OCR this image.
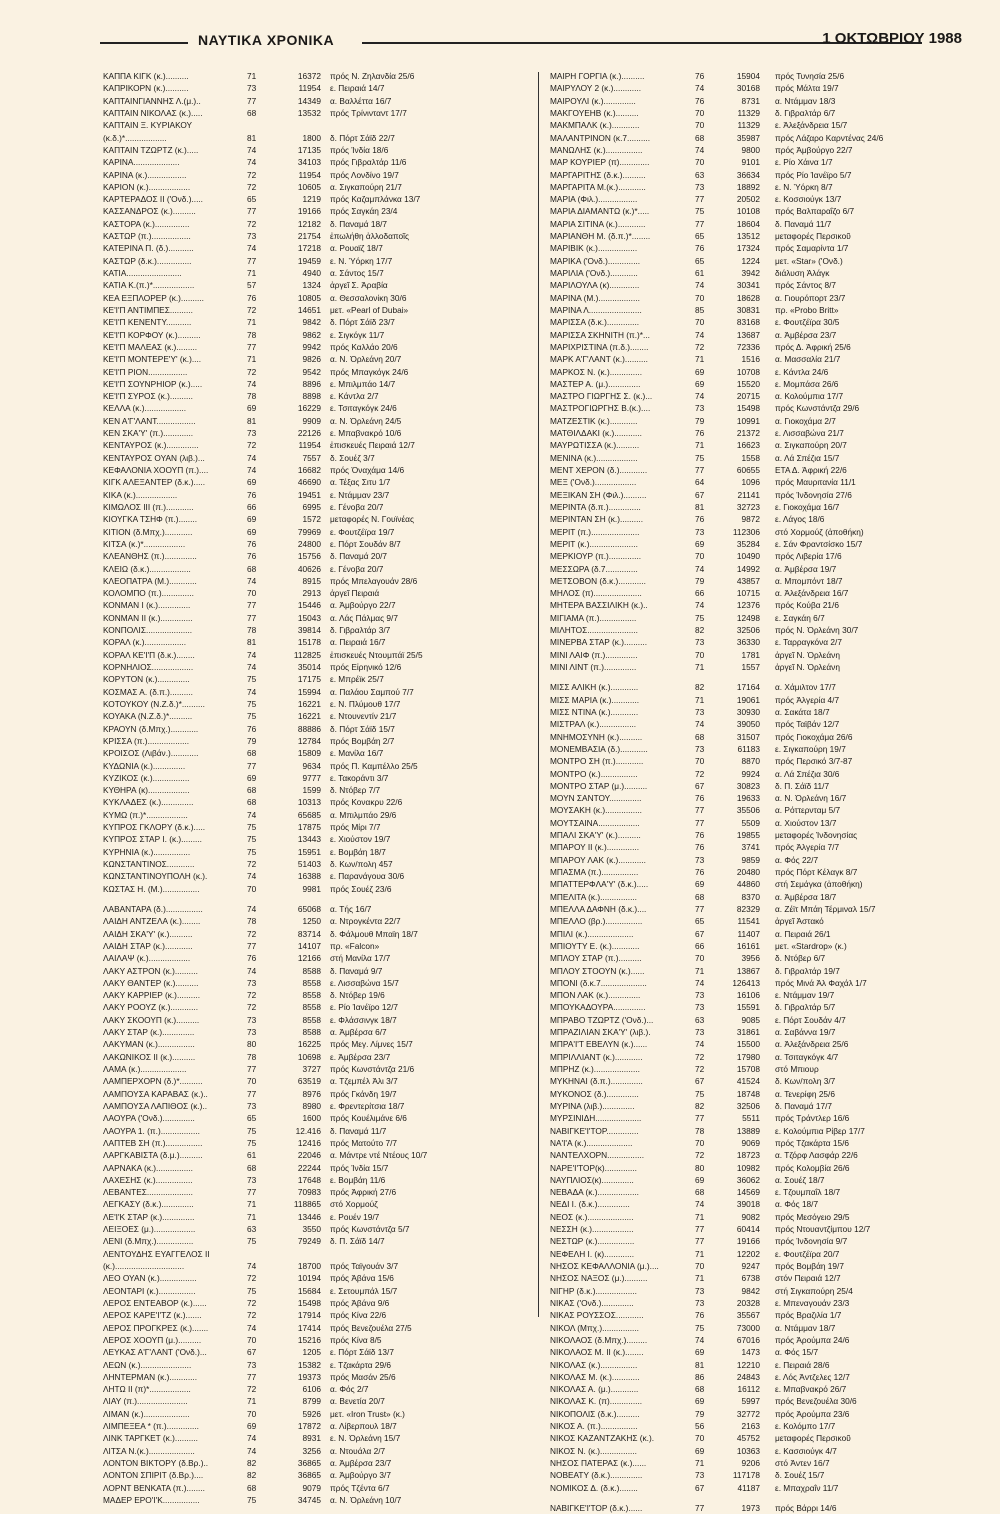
ΝΑΥΤΙΚΑ ΧΡΟΝΙΚΑ	1 ΟΚΤΩΒΡΙΟΥ 1988
ΚΑΠΠΑ ΚΙΓΚ (κ.)..........	71	16372 πρός Ν. Ζηλανδία 25/6
ΚΑΠΡΙΚΟΡΝ (κ.)..........	73	11954 ε. Πειραιά 14/7
ΚΑΠΤΑΙΝΓΙΑΝΝΗΣ Λ.(μ.)..	77	14349 α. Βαλλέττα 16/7
ΚΑΠΤΑΙΝ ΝΙΚΟΛΑΣ (κ.).....	68	13532 πρός Τρίνινταντ 17/7
ΚΑΠΤΑΙΝ Ξ. ΚΥΡΙΑΚΟΥ
(κ.δ.)*..................	81	1800 δ. Πόρτ Σάϊδ 22/7
ΚΑΠΤΑΙΝ ΤΖΩΡΤΖ (κ.).....	74	17135 πρός Ἰνδία 18/6
ΚΑΡΙΝΑ....................	74	34103 πρός Γιβραλτάρ 11/6
ΚΑΡΙΝΑ (κ.).................	72	11954 πρός Λονδίνο 19/7
ΚΑΡΙΟΝ (κ.)..................	72	10605 α. Σιγκαπούρη 21/7
ΚΑΡΤΕΡΑΔΟΣ ΙΙ ('Ονδ.).....	65	1219 πρός Καζαμπλάνκα 13/7
ΚΑΣΣΑΝΔΡΟΣ (κ.)..........	77	19166 πρός Σαγκάη 23/4
ΚΑΣΤΟΡΑ (κ.)...............	72	12182 δ. Παναμά 18/7
ΚΑΣΤΩΡ (π.).................	73	21754 ἐπωλήθη ἀλλοδαποῖς
ΚΑΤΕΡΙΝΑ Π. (δ.)...........	74	17218 α. Ρουαϊζ 18/7
ΚΑΣΤΩΡ (δ.κ.)...............	77	19459 ε. Ν. Ὑόρκη 17/7
ΚΑΤΙΑ........................	71	4940 α. Σάντος 15/7
ΚΑΤΙΑ Κ.(π.)*..................	57	1324 ἀργεῖ Σ. Ἀραβία
ΚΕΑ ΕΞΠΛΟΡΕΡ (κ.)..........	76	10805 α. Θεσσαλονίκη 30/6
ΚΕ'Ι'Π ΑΝΤΙΜΠΕΣ..........	72	14651 μετ. «Pearl of Dubai»
ΚΕ'Ι'Π ΚΕΝΕΝΤΥ...........	71	9842 δ. Πόρτ Σάϊδ 23/7
ΚΕ'Ι'Π ΚΟΡΦΟΥ (κ.)..........	78	9862 ε. Σιγκόγκ 11/7
ΚΕ'Ι'Π ΜΑΛΕΑΣ (κ.).........	77	9942 πρός Καλλάο 20/6
ΚΕ'Ι'Π ΜΟΝΤΕΡΕ'Υ' (κ.)....	71	9826 α. Ν. Ὀρλεάνη 20/7
ΚΕ'Ι'Π ΡΙΟΝ.................	72	9542 πρός Μπαγκόγκ 24/6
ΚΕ'Ι'Π ΣΟΥΝΡΗΙΟΡ (κ.).....	74	8896 ε. Μπιλμπάο 14/7
ΚΕ'Ι'Π ΣΥΡΟΣ (κ.)..........	78	8898 ε. Κάντλα 2/7
ΚΕΛΛΑ (κ.)..................	69	16229 ε. Τσιταγκόγκ 24/6
ΚΕΝ Α'Γ'ΛΑΝΤ.................	81	9909 α. Ν. Ὀρλεάνη 24/5
ΚΕΝ ΣΚΑ'Υ' (π.).............	73	22126 ε. Μπαβνακρό 10/6
ΚΕΝΤΑΥΡΟΣ (κ.)..............	72	11954 ἐπισκευές Πειραιά 12/7
ΚΕΝΤΑΥΡΟΣ ΟΥΑΝ (λιβ.)...	74	7557 δ. Σουέζ 3/7
ΚΕΦΑΛΟΝΙΑ ΧΟΟΥΠ (π.)....	74	16682 πρός Ὀναχάμα 14/6
ΚΙΓΚ ΑΛΕΞΑΝΤΕΡ (δ.κ.).....	69	46690 α. Τέξας Σιτυ 1/7
ΚΙΚΑ (κ.)..................	76	19451 ε. Ντάμμαν 23/7
ΚΙΜΩΛΟΣ ΙΙΙ (π.)............	66	6995 ε. Γένοβα 20/7
ΚΙΟΥΓΚΑ ΤΣΗΦ (π.)........	69	1572 μεταφορές Ν. Γουϊνέας
ΚΙΤΙΟΝ (δ.Μπχ.)............	69	79969 ε. Φουτζέϊρα 19/7
ΚΙΤΣΑ (κ.)*..................	76	24800 ε. Πόρτ Σουδάν 8/7
ΚΛΕΑΝΘΗΣ (π.)..............	76	15756 δ. Παναμά 20/7
ΚΛΕΙΩ (δ.κ.)..................	68	40626 ε. Γένοβα 20/7
ΚΛΕΟΠΑΤΡΑ (Μ.)............	74	8915 πρός Μπελαγουάν 28/6
ΚΟΛΟΜΠΟ (π.)..............	70	2913 ἀργεῖ Πειραιά
ΚΟΝΜΑΝ Ι (κ.)..............	77	15446 α. Ἀμβούργο 22/7
ΚΟΝΜΑΝ ΙΙ (κ.)..............	77	15043 α. Λάς Πάλμας 9/7
ΚΟΝΠΟΛΙΣ....................	78	39814 δ. Γιβραλτάρ 3/7
ΚΟΡΑΛ (κ.)..................	81	15178 α. Πειραιά 16/7
ΚΟΡΑΛ ΚΕ'Ι'Π (δ.κ.)........	74	112825 ἐπισκευές Ντουμπάϊ 25/5
ΚΟΡΝΗΛΙΟΣ..................	74	35014 πρός Εἰρηνικό 12/6
ΚΟΡΥΤΟΝ (κ.)..............	75	17175 ε. Μπρέϊκ 25/7
ΚΟΣΜΑΣ Α. (δ.π.)..........	74	15994 α. Παλάου Σαμπού 7/7
ΚΟΤΟΥΚΟΥ (Ν.Ζ.δ.)*..........	75	16221 ε. Ν. Πλύμουθ 17/7
ΚΟΥΑΚΑ (Ν.Ζ.δ.)*..........	75	16221 ε. Ντουνεντίν 21/7
ΚΡΑΟΥΝ (δ.Μπχ.)............	76	88886 δ. Πόρτ Σάϊδ 15/7
ΚΡΙΣΣΑ (π.)..................	79	12784 πρός Βομβάη 2/7
ΚΡΟΙΣΟΣ (Λιβάν.)............	68	15809 ε. Μανίλα 16/7
ΚΥΔΩΝΙΑ (κ.)..............	77	9634 πρός Π. Καμπέλλο 25/5
ΚΥΖΙΚΟΣ (κ.)................	69	9777 ε. Τακοράντι 3/7
ΚΥΘΗΡΑ (κ)..................	68	1599 δ. Ντόβερ 7/7
ΚΥΚΛΑΔΕΣ (κ.)..............	68	10313 πρός Κονακρυ 22/6
ΚΥΜΩ (π.)*..................	74	65685 α. Μπιλμπάο 29/6
ΚΥΠΡΟΣ ΓΚΛΟΡΥ (δ.κ.).....	75	17875 πρός Μίρι 7/7
ΚΥΠΡΟΣ ΣΤΑΡ Ι. (κ.).........	75	13443 ε. Χιούστον 19/7
ΚΥΡΗΝΙΑ (κ.)................	75	15951 ε. Βομβάη 18/7
ΚΩΝΣΤΑΝΤΙΝΟΣ............	72	51403 δ. Κων/πολη 457
ΚΩΝΣΤΑΝΤΙΝΟΥΠΟΛΗ (κ.).	74	16388 ε. Παρανάγουα 30/6
ΚΩΣΤΑΣ Η. (Μ.)................	70	9981 πρός Σουέζ 23/6
ΛΑΒΑΝΤΑΡΑ (δ.)................	74	65068 α. Τής 16/7
ΛΑΙΔΗ ΑΝΤΖΕΛΑ (κ.)........	78	1250 α. Ντρογκέντα 22/7
ΛΑΙΔΗ ΣΚΑ'Υ' (κ.)..........	72	83714 δ. Φάλμουθ Μπαϊη 18/7
ΛΑΙΔΗ ΣΤΑΡ (κ.)............	77	14107 πρ. «Falcon»
ΛΑΙΛΑΨ (κ.)..................	76	12166 στή Μανίλα 17/7
ΛΑΚΥ ΑΣΤΡΟΝ (κ.)..........	74	8588 δ. Παναμά 9/7
ΛΑΚΥ ΘΑΝΤΕΡ (κ.)..........	73	8558 ε. Λισσαβώνα 15/7
ΛΑΚΥ ΚΑΡΡΙΕΡ (κ.)..........	72	8558 δ. Ντόβερ 19/6
ΛΑΚΥ ΡΟΟΥΖ (κ.)............	72	8558 ε. Ρίο Ἰανέϊρο 12/7
ΛΑΚΥ ΣΚΟΟΥΠ (κ.)..........	73	8558 ε. Φλάσσινγκ 18/7
ΛΑΚΥ ΣΤΑΡ (κ.)..............	73	8588 α. Ἀμβέρσα 6/7
ΛΑΚΥΜΑΝ (κ.)................	80	16225 πρός Μεγ. Λίμνες 15/7
ΛΑΚΩΝΙΚΟΣ ΙΙ (κ.)..........	78	10698 ε. Ἀμβέρσα 23/7
ΛΑΜΑ (κ.)....................	77	3727 πρός Κωνστάντζα 21/6
ΛΑΜΠΕΡΧΟΡΝ (δ.)*..........	70	63519 α. Τζεμπέλ Ἀλι 3/7
ΛΑΜΠΟΥΣΑ ΚΑΡΑΒΑΣ (κ.)..	77	8976 πρός Γκάνδη 19/7
ΛΑΜΠΟΥΣΑ ΛΑΠΙΘΟΣ (κ.)..	73	8980 ε. Φρεντερίτσια 18/7
ΛΑΟΥΡΑ ('Ονδ.)..............	65	1600 πρός Κουέλιμάνε 6/6
ΛΑΟΥΡΑ 1. (π.).................	75	12.416 δ. Παναμά 11/7
ΛΑΠΤΕΒ ΣΗ (π.)................	75	12416 πρός Ματούτο 7/7
ΛΑΡΓΚΑΒΙΣΤΑ (δ.μ.)..........	61	22046 α. Μάντρε ντέ Ντέους 10/7
ΛΑΡΝΑΚΑ (κ.)................	68	22244 πρός Ἰνδία 15/7
ΛΑΧΕΣΗΣ (κ.)................	73	17648 ε. Βομβάη 11/6
ΛΕΒΑΝΤΕΣ....................	77	70983 πρός Ἀφρική 27/6
ΛΕΓΚΑΣΥ (δ.κ.)..............	71	118865 στό Χορμούζ
ΛΕ'Ι'Κ ΣΤΑΡ (κ.)..............	71	13446 ε. Ρουέν 19/7
ΛΕΙΞΟΕΣ (μ.)..................	63	3550 πρός Κωνστάντζα 5/7
ΛΕΝΙ (δ.Μπχ.)................	75	79249 δ. Π. Σάϊδ 14/7
ΛΕΝΤΟΥΔΗΣ ΕΥΑΓΓΕΛΟΣ ΙΙ
(κ.)..............................	74	18700 πρός Ταϊγουάν 3/7
ΛΕΟ ΟΥΑΝ (κ.)................	72	10194 πρός Ἀβάνα 15/6
ΛΕΟΝΤΑΡΙ (κ.)................	75	15684 ε. Σετουμπάλ 15/7
ΛΕΡΟΣ ΕΝΤΕΑΒΟΡ (κ.)......	72	15498 πρός Ἀβάνα 9/6
ΛΕΡΟΣ ΚΑΡΕ'Ι'ΤΖ (κ.).......	72	17914 πρός Κίνα 22/6
ΛΕΡΟΣ ΠΡΟΓΚΡΕΣ (κ.).......	74	17414 πρός Βενεζουέλα 27/5
ΛΕΡΟΣ ΧΟΟΥΠ (μ.)..........	70	15216 πρός Κίνα 8/5
ΛΕΥΚΑΣ Α'Γ'ΛΑΝΤ ('Ονδ.)...	67	1205 ε. Πόρτ Σάϊδ 13/7
ΛΕΩΝ (κ.)......................	73	15382 ε. Τζακάρτα 29/6
ΛΗΝΤΕΡΜΑΝ (κ.)............	77	19373 πρός Μασάν 25/6
ΛΗΤΩ ΙΙ (π)*..................	72	6106 α. Φός 2/7
ΛΙΑΥ (π.)......................	71	8799 α. Βενετία 20/7
ΛΙΜΑΝ (κ.)....................	70	5926 μετ. «Iron Trust» (κ.)
ΛΙΜΠΕΞΕΑ * (π.)..............	69	17872 α. Λίβερπουλ 18/7
ΛΙΝΚ ΤΑΡΓΚΕΤ (κ.)..........	74	8931 ε. Ν. Ὀρλεάνη 15/7
ΛΙΤΣΑ Ν.(κ.)....................	74	3256 α. Ντουάλα 2/7
ΛΟΝΤΟΝ ΒΙΚΤΟΡΥ (δ.Βρ.)..	82	36865 α. Ἀμβέρσα 23/7
ΛΟΝΤΟΝ ΣΠΙΡΙΤ (δ.Βρ.)....	82	36865 α. Ἀμβούργο 3/7
ΛΟΡΝΤ ΒΕΝΚΑΤΑ (π.)........	68	9079 πρός Τζέντα 6/7
ΜΑΔΕΡ ΕΡΟ'Ι'Κ................	75	34745 α. Ν. Ὀρλεάνη 10/7
ΜΑΙΡΗ ΓΟΡΓΙΑ (κ.)..........	76	15904 πρός Τυνησία 25/6
ΜΑΙΡΥΛΟΥ 2 (κ.)............	74	30168 πρός Μάλτα 19/7
ΜΑΙΡΟΥΛΙ (κ.)..............	76	8731 α. Ντάμμαν 18/3
ΜΑΚΓΟΥΕΗΒ (κ.)..........	70	11329 δ. Γιβραλτάρ 6/7
ΜΑΚΜΠΑΛΚ (κ.)............	70	11329 ε. Ἀλεξάνδρεια 15/7
ΜΑΛΑΝΤΡΙΝΟΝ (κ.7..........	68	35987 πρός Λάζαρο Καρντένας 24/6
ΜΑΝΩΛΗΣ (κ.)................	74	9800 πρός Ἀμβούργο 22/7
ΜΑΡ ΚΟΥΡΙΕΡ (π).............	70	9101 ε. Ρίο Χάινα 1/7
ΜΑΡΓΑΡΙΤΗΣ (δ.κ.)..........	63	36634 πρός Ρίο Ἰανέϊρο 5/7
ΜΑΡΓΑΡΙΤΑ Μ.(κ.)............	73	18892 ε. Ν. Ὑόρκη 8/7
ΜΑΡΙΑ (Φιλ.).................	77	20502 ε. Κοσσιούγκ 13/7
ΜΑΡΙΑ ΔΙΑΜΑΝΤΩ (κ.)*.....	75	10108 πρός Βαλπαραΐζο 6/7
ΜΑΡΙΑ ΣΙΤΙΝΑ (κ.)............	77	18604 δ. Παναμά 11/7
ΜΑΡΙΑΝΘΗ Μ. (δ.π.)*........	65	13512 μεταφορές Περσικοῦ
ΜΑΡΙΒΙΚ (κ.).................	76	17324 πρός Σαμαρίντα 1/7
ΜΑΡΙΚΑ ('Ονδ.)..............	65	1224 μετ. «Star» ('Ονδ.)
ΜΑΡΙΛΙΑ ('Ονδ.)............	61	3942 διάλυση Ἀλάγκ
ΜΑΡΙΛΟΥΛΑ (κ).............	74	30341 πρός Σάντος 8/7
ΜΑΡΙΝΑ (Μ.)..................	70	18628 α. Γιουρόπορτ 23/7
ΜΑΡΙΝΑ Λ.......................	85	30831 πρ. «Probo Britt»
ΜΑΡΙΣΣΑ (δ.κ.)..............	70	83168 ε. Φουτζέϊρα 30/5
ΜΑΡΙΣΣΑ ΣΚΗΝΙΤΗ (π.)*...	74	13687 α. Ἀμβέρσα 23/7
ΜΑΡΙΧΡΙΣΤΙΝΑ (π.δ.)........	72	72336 πρός Δ. Ἀφρική 25/6
ΜΑΡΚ Α'Γ'ΛΑΝΤ (κ.)..........	71	1516 α. Μασσαλία 21/7
ΜΑΡΚΟΣ Ν. (κ.)..............	69	10708 ε. Κάντλα 24/6
ΜΑΣΤΕΡ Α. (μ.)..............	69	15520 ε. Μομπάσα 26/6
ΜΑΣΤΡΟ ΓΙΩΡΓΗΣ Σ. (κ.)...	74	20715 α. Κολούμπια 17/7
ΜΑΣΤΡΟΓΙΩΡΓΗΣ Β.(κ.)....	73	15498 πρός Κωνστάντζα 29/6
ΜΑΤΖΕΣΤΙΚ (κ.)............	79	10991 α. Γιοκοχάμα 2/7
ΜΑΤΘΙΛΔΑΚΙ (κ.)............	76	21372 ε. Λισσαβώνα 21/7
ΜΑΥΡΩΤΙΣΣΑ (κ.)..........	71	16623 α. Σιγκαπούρη 20/7
ΜΕΝΙΝΑ (κ.)..................	75	1558 α. Λά Σπέζια 15/7
ΜΕΝΤ ΧΕΡΟΝ (δ.)............	77	60655 ΕΤΑ Δ. Ἀφρική 22/6
ΜΕΞ ('Ονδ.)..................	64	1096 πρός Μαυριτανία 11/1
ΜΕΞΙΚΑΝ ΣΗ (Φιλ.)..........	67	21141 πρός Ἰνδονησία 27/6
ΜΕΡΙΝΤΑ (δ.π.)..............	81	32723 ε. Γιοκοχάμα 16/7
ΜΕΡΙΝΤΑΝ ΣΗ (κ.)..........	76	9872 ε. Λάγος 18/6
ΜΕΡΙΤ (π.).....................	73	112306 στό Χορμούζ (ἀποθήκη)
ΜΕΡΙΤ (κ.).....................	69	35284 ε. Σάν Φραντσίσκο 15/7
ΜΕΡΚΙΟΥΡ (π.)..............	70	10490 πρός Λιβερία 17/6
ΜΕΣΣΩΡΑ (δ.7..............	74	14992 α. Ἀμβέρσα 19/7
ΜΕΤΣΟΒΟΝ (δ.κ.)............	79	43857 α. Μπομπόντ 18/7
ΜΗΛΟΣ (π).....................	66	10715 α. Ἀλεξάνδρεια 16/7
ΜΗΤΕΡΑ ΒΑΣΣΙΛΙΚΗ (κ.)..	74	12376 πρός Κούβα 21/6
ΜΙΓΙΑΜΑ (π.)................	75	12498 ε. Σαγκάη 6/7
ΜΙΛΗΤΟΣ......................	82	32506 πρός Ν. Ὀρλεάνη 30/7
ΜΙΝΕΡΒΑ ΣΤΑΡ (κ.)..........	73	36330 ε. Ταρραγκόνα 2/7
ΜΙΝΙ ΛΑΙΦ (π.)..............	70	1781 ἀργεῖ Ν. Ὀρλεάνη
ΜΙΝΙ ΛΙΝΤ (π.)..............	71	1557 ἀργεῖ Ν. Ὀρλεάνη
ΜΙΣΣ ΑΛΙΚΗ (κ.)............	82	17164 α. Χάμιλτον 17/7
ΜΙΣΣ ΜΑΡΙΑ (κ.)............	71	19061 πρός Ἀλγερία 4/7
ΜΙΣΣ ΝΤΙΝΑ (κ.)............	73	30930 α. Σακάτα 18/7
ΜΙΣΤΡΑΛ (κ.)................	74	39050 πρός Ταϊβάν 12/7
ΜΝΗΜΟΣΥΝΗ (κ.)..........	68	31507 πρός Γιοκοχάμα 26/6
ΜΟΝΕΜΒΑΣΙΑ (δ.)............	73	61183 ε. Σιγκαπούρη 19/7
ΜΟΝΤΡΟ ΣΗ (π.)............	70	8870 πρός Περσικό 3/7-87
ΜΟΝΤΡΟ (κ.)................	72	9924 α. Λά Σπέζια 30/6
ΜΟΝΤΡΟ ΣΤΑΡ (μ.)..........	67	30823 δ. Π. Σάϊδ 11/7
ΜΟΥΝ ΣΑΝΤΟΥ..............	76	19633 α. Ν. Ὀρλεάνη 16/7
ΜΟΥΣΑΚΗ (κ.)................	77	35506 α. Ρόττερνταμ 5/7
ΜΟΥΤΣΑΙΝΑ..................	77	5509 α. Χιούστον 13/7
ΜΠΑΛΙ ΣΚΑ'Υ' (κ.)..........	76	19855 μεταφορές Ἰνδονησίας
ΜΠΑΡΟΥ ΙΙ (κ.)..............	76	3741 πρός Ἀλγερία 7/7
ΜΠΑΡΟΥ ΛΑΚ (κ.)............	73	9859 α. Φός 22/7
ΜΠΑΣΜΑ (π.)................	76	20480 πρός Πόρτ Κέλαγκ 8/7
ΜΠΑΤΤΕΡΦΛΑ'Υ' (δ.κ.).....	69	44860 στή Σεμάγκα (ἀποθήκη)
ΜΠΕΛΙΤΑ (κ.)................	68	8370 α. Ἀμβέρσα 18/7
ΜΠΕΛΛΑ ΔΑΦΝΗ (δ.κ.)....	77	82329 α. Ζέϊτ Μπάη Τέρμιναλ 15/7
ΜΠΕΛΛΟ (βρ.)................	65	11541 ἀργεῖ Ἀστακό
ΜΠΙΛΙ (κ.)....................	67	11407 α. Πειραιά 26/1
ΜΠΙΟΥΤΥ Ε. (κ.)............	66	16161 μετ. «Stardrop» (κ.)
ΜΠΛΟΥ ΣΤΑΡ (π.)..........	70	3956 δ. Ντόβερ 6/7
ΜΠΛΟΥ ΣΤΟΟΥΝ (κ.)......	71	13867 δ. Γιβραλτάρ 19/7
ΜΠΟΝΙ (δ.κ.7....................	74	126413 πρός Μινά Ἀλ Φαχάλ 1/7
ΜΠΟΝ ΛΑΚ (κ.)..............	73	16106 ε. Ντάμμαν 19/7
ΜΠΟΥΚΑΔΟΥΡΑ..............	73	15591 δ. Γιβραλτάρ 5/7
ΜΠΡΑΒΟ ΤΖΩΡΤΖ ('Ονδ.)...	63	9085 ε. Πόρτ Σουδάν 4/7
ΜΠΡΑΖΙΛΙΑΝ ΣΚΑ'Υ' (λιβ.).	73	31861 α. Σαβάννα 19/7
ΜΠΡΑ'Ι'Τ ΕΒΕΛΥΝ (κ.)......	74	15500 α. Ἀλεξάνδρεια 25/6
ΜΠΡΙΛΛΙΑΝΤ (κ.)............	72	17980 α. Τσιταγκόγκ 4/7
ΜΠΡΗΖ (κ.)....................	72	15708 στό Μπιουρ
ΜΥΚΗΝΑΙ (δ.π.)..............	67	41524 δ. Κων/πολη 3/7
ΜΥΚΟΝΟΣ (δ.)..............	75	18748 α. Τενερίφη 25/6
ΜΥΡΙΝΑ (λιβ.)..............	82	32506 δ. Παναμά 17/7
ΜΥΡΣΙΝΙΔΗ....................	77	5511 πρός Τράντλερ 16/6
ΝΑΒΙΓΚΕ'Ι'ΤΟΡ..............	78	13889 ε. Κολούμπια Ρίβερ 17/7
ΝΑ'Ι'Α (κ.)....................	70	9069 πρός Τζακάρτα 15/6
ΝΑΝΤΕΛΧΟΡΝ................	72	18723 α. Τζόρφ Λασφάρ 22/6
ΝΑΡΕ'Ι'ΤΟΡ(κ)..............	80	10982 πρός Κολομβία 26/6
ΝΑΥΠΛΙΟΣ(κ)..............	69	36062 α. Σουέζ 18/7
ΝΕΒΑΔΑ (κ.)..................	68	14569 ε. Τζουμπαΐλ 18/7
ΝΕΔΙ Ι. (δ.κ.)..............	74	39018 α. Φός 18/7
ΝΕΟΣ (κ.)....................	71	9082 πρός Μεσόγειο 29/5
ΝΕΣΣΗ (κ.)..................	77	60414 πρός Ντουαντζίμπου 12/7
ΝΕΣΤΩΡ (κ.)................	77	19166 πρός Ἰνδονησία 9/7
ΝΕΦΕΛΗ Ι. (κ).............	71	12202 ε. Φουτζέϊρα 20/7
ΝΗΣΟΣ ΚΕΦΑΛΛΟΝΙΑ (μ.)....	70	9247 πρός Βομβάη 19/7
ΝΗΣΟΣ ΝΑΞΟΣ (μ.)..........	71	6738 στόν Πειραιά 12/7
ΝΙΓΗΡ (δ.κ.)..................	73	9842 στή Σιγκαπούρη 25/4
ΝΙΚΑΣ ('Ονδ.)..............	73	20328 ε. Μπεναγουάν 23/3
ΝΙΚΑΣ ΡΟΥΣΣΟΣ............	76	35567 πρός Βραζιλία 1/7
ΝΙΚΟΛ (Μπχ.)................	75	73000 α. Ντάμμαν 18/7
ΝΙΚΟΛΑΟΣ (δ.Μπχ.).........	74	67016 πρός Ἀρούμπα 24/6
ΝΙΚΟΛΑΟΣ Μ. ΙΙ (κ.)........	69	1473 α. Φός 15/7
ΝΙΚΟΛΑΣ (κ.)................	81	12210 ε. Πειραιά 28/6
ΝΙΚΟΛΑΣ Μ. (κ.)............	86	24843 ε. Λός Ἀντζελες 12/7
ΝΙΚΟΛΑΣ Α. (μ.)............	68	16112 ε. Μπαβνακρό 26/7
ΝΙΚΟΛΑΣ Κ. (π)..............	69	5997 πρός Βενεζουέλα 30/6
ΝΙΚΟΠΟΛΙΣ (δ.κ.)..........	79	32772 πρός Ἀρούμπα 23/6
ΝΙΚΟΣ Α. (π.)................	56	2163 ε. Κολόμπο 17/7
ΝΙΚΟΣ ΚΑΖΑΝΤΖΑΚΗΣ (κ.).	70	45752 μεταφορές Περσικοῦ
ΝΙΚΟΣ Ν. (κ.)................	69	10363 ε. Κασσιούγκ 4/7
ΝΗΣΟΣ ΠΑΤΕΡΑΣ (κ.)......	71	9206 στό Ἀντεν 16/7
ΝΟΒΕΑΤΥ (δ.κ.)..............	73	117178 δ. Σουέζ 15/7
ΝΟΜΙΚΟΣ Δ. (δ.κ.)........	67	41187 ε. Μπαχραΐν 11/7
ΝΑΒΙΓΚΕ'Ι'ΤΟΡ (δ.κ.)......	77	1973 πρός Βάρρι 14/6
